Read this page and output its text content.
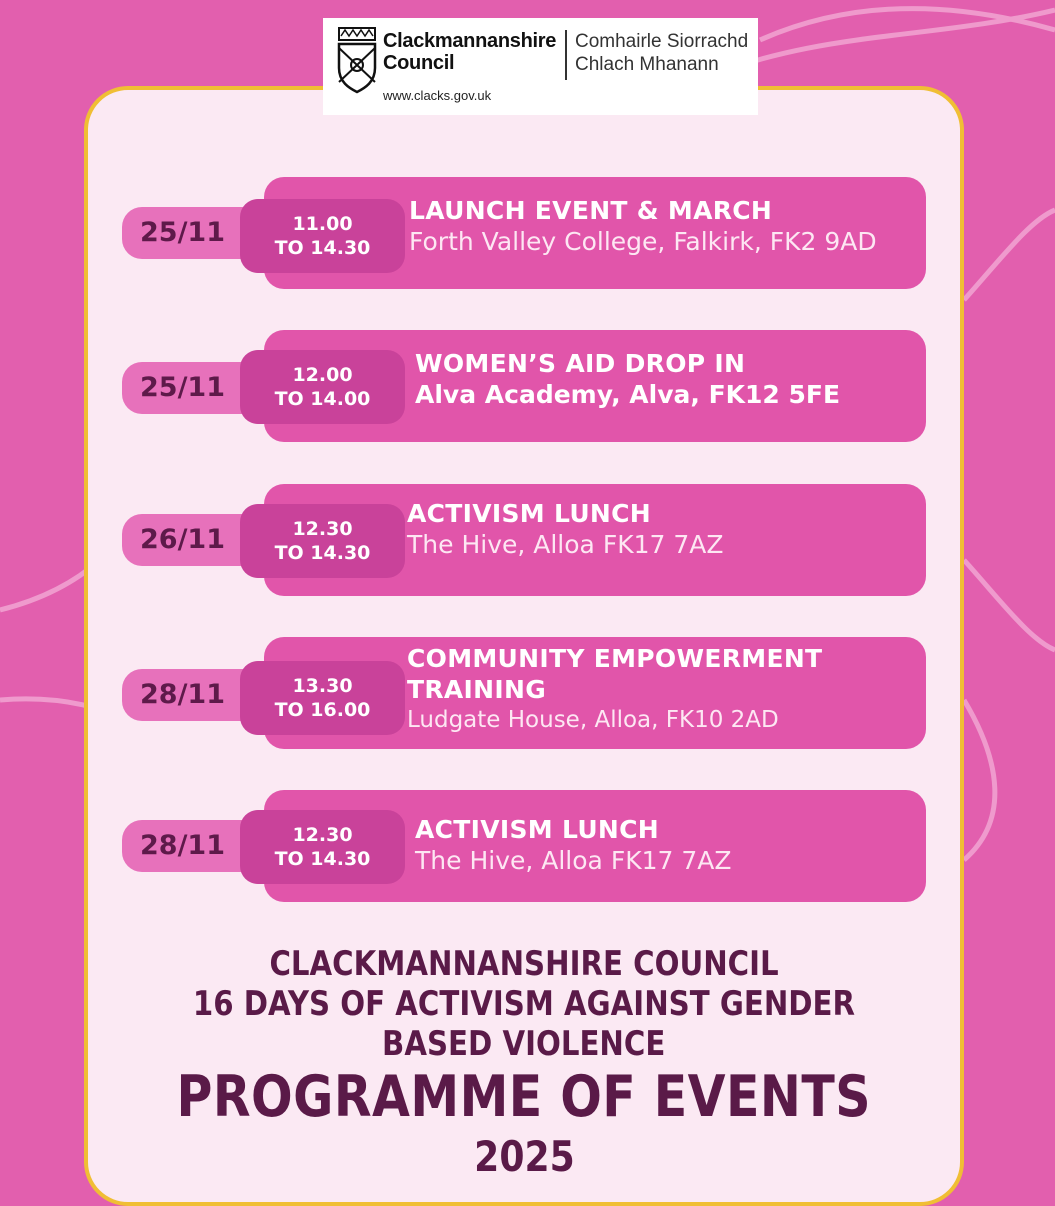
Clackmannanshire
Council
Comhairle Siorrachd
Chlach Mhanann
www.clacks.gov.uk
25/11	11.00
TO 14.30
LAUNCH EVENT & MARCH
Forth Valley College, Falkirk, FK2 9AD
25/11	12.00
TO 14.00
WOMEN’S AID DROP IN
Alva Academy, Alva, FK12 5FE
26/11	12.30
TO 14.30
ACTIVISM LUNCH
The Hive, Alloa FK17 7AZ
28/11	13.30
TO 16.00
COMMUNITY EMPOWERMENT
TRAINING
Ludgate House, Alloa, FK10 2AD
28/11	12.30
TO 14.30
ACTIVISM LUNCH
The Hive, Alloa FK17 7AZ
CLACKMANNANSHIRE COUNCIL
16 DAYS OF ACTIVISM AGAINST GENDER
BASED VIOLENCE
PROGRAMME OF EVENTS
2025
